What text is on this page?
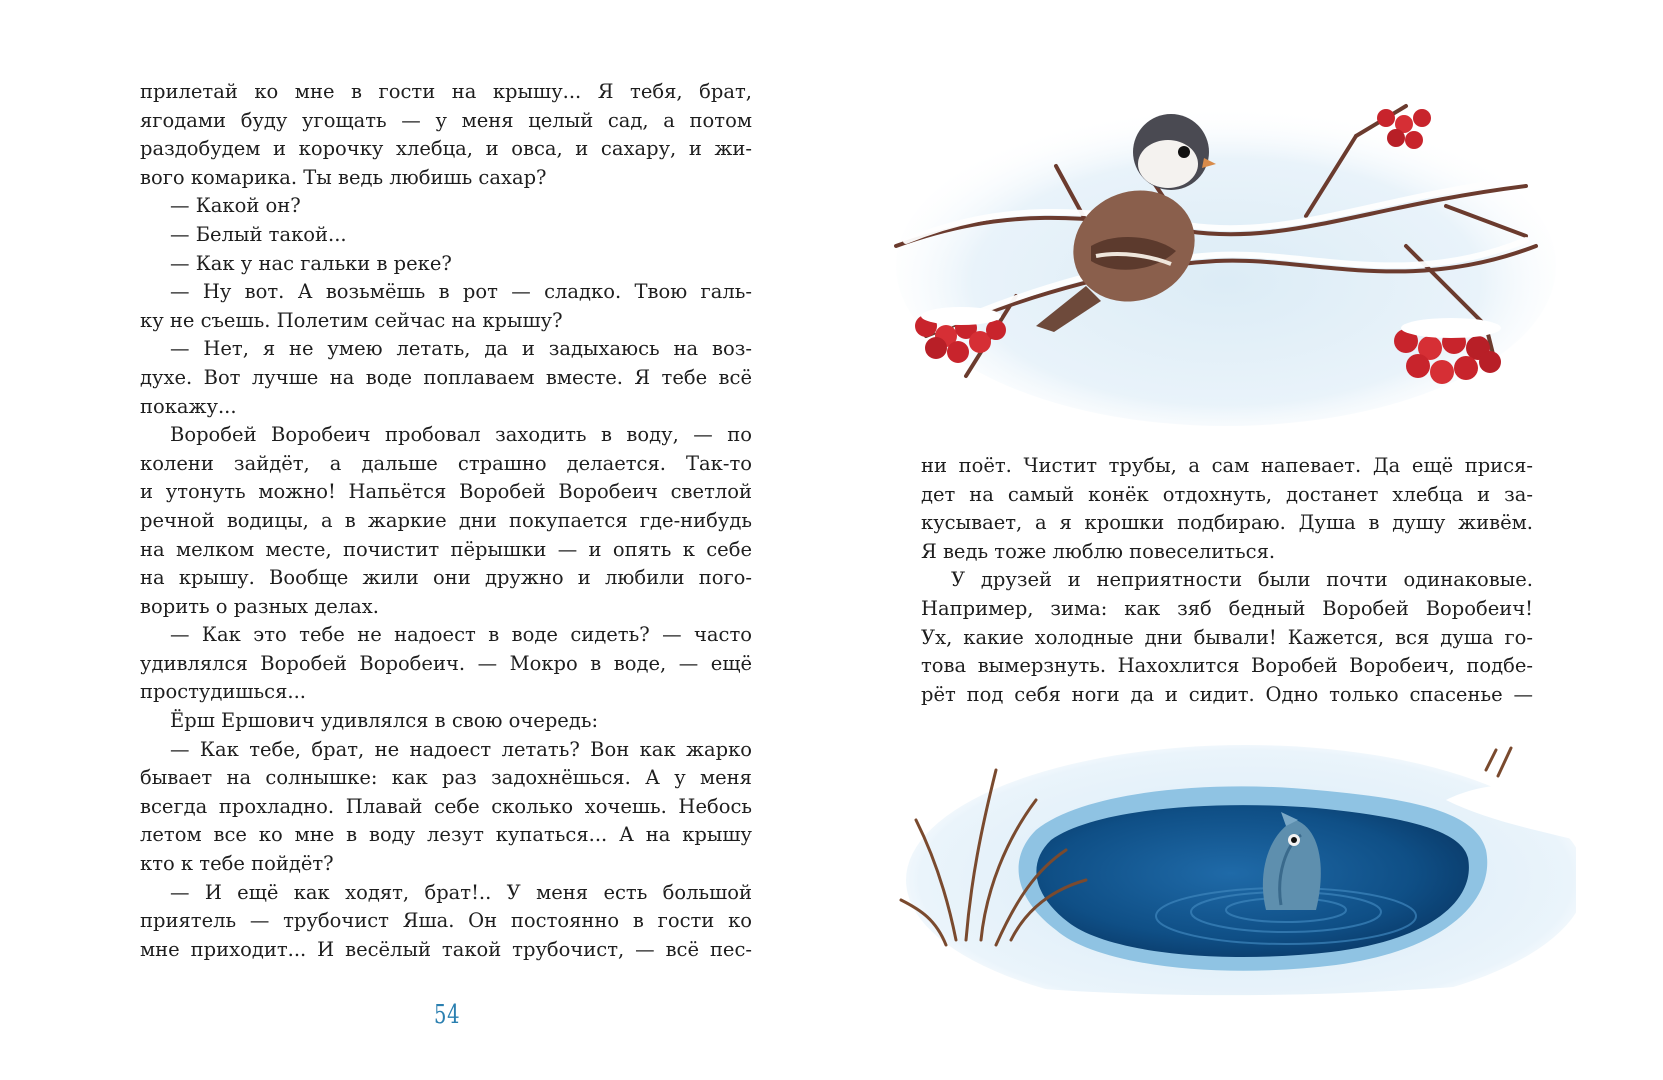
прилетай ко мне в гости на крышу... Я тебя, брат,
ягодами буду угощать — у меня целый сад, а потом
раздобудем и корочку хлебца, и овса, и сахару, и жи-
вого комарика. Ты ведь любишь сахар?
— Какой он?
— Белый такой...
— Как у нас гальки в реке?
— Ну вот. А возьмёшь в рот — сладко. Твою галь-
ку не съешь. Полетим сейчас на крышу?
— Нет, я не умею летать, да и задыхаюсь на воз-
духе. Вот лучше на воде поплаваем вместе. Я тебе всё
покажу...
Воробей Воробеич пробовал заходить в воду, — по
колени зайдёт, а дальше страшно делается. Так-то
и утонуть можно! Напьётся Воробей Воробеич светлой
речной водицы, а в жаркие дни покупается где-нибудь
на мелком месте, почистит пёрышки — и опять к себе
на крышу. Вообще жили они дружно и любили пого-
ворить о разных делах.
— Как это тебе не надоест в воде сидеть? — часто
удивлялся Воробей Воробеич. — Мокро в воде, — ещё
простудишься...
Ёрш Ершович удивлялся в свою очередь:
— Как тебе, брат, не надоест летать? Вон как жарко
бывает на солнышке: как раз задохнёшься. А у меня
всегда прохладно. Плавай себе сколько хочешь. Небось
летом все ко мне в воду лезут купаться... А на крышу
кто к тебе пойдёт?
— И ещё как ходят, брат!.. У меня есть большой
приятель — трубочист Яша. Он постоянно в гости ко
мне приходит... И весёлый такой трубочист, — всё пес-
54
ни поёт. Чистит трубы, а сам напевает. Да ещё прися-
дет на самый конёк отдохнуть, достанет хлебца и за-
кусывает, а я крошки подбираю. Душа в душу живём.
Я ведь тоже люблю повеселиться.
У друзей и неприятности были почти одинаковые.
Например, зима: как зяб бедный Воробей Воробеич!
Ух, какие холодные дни бывали! Кажется, вся душа го-
това вымерзнуть. Нахохлится Воробей Воробеич, подбе-
рёт под себя ноги да и сидит. Одно только спасенье —
